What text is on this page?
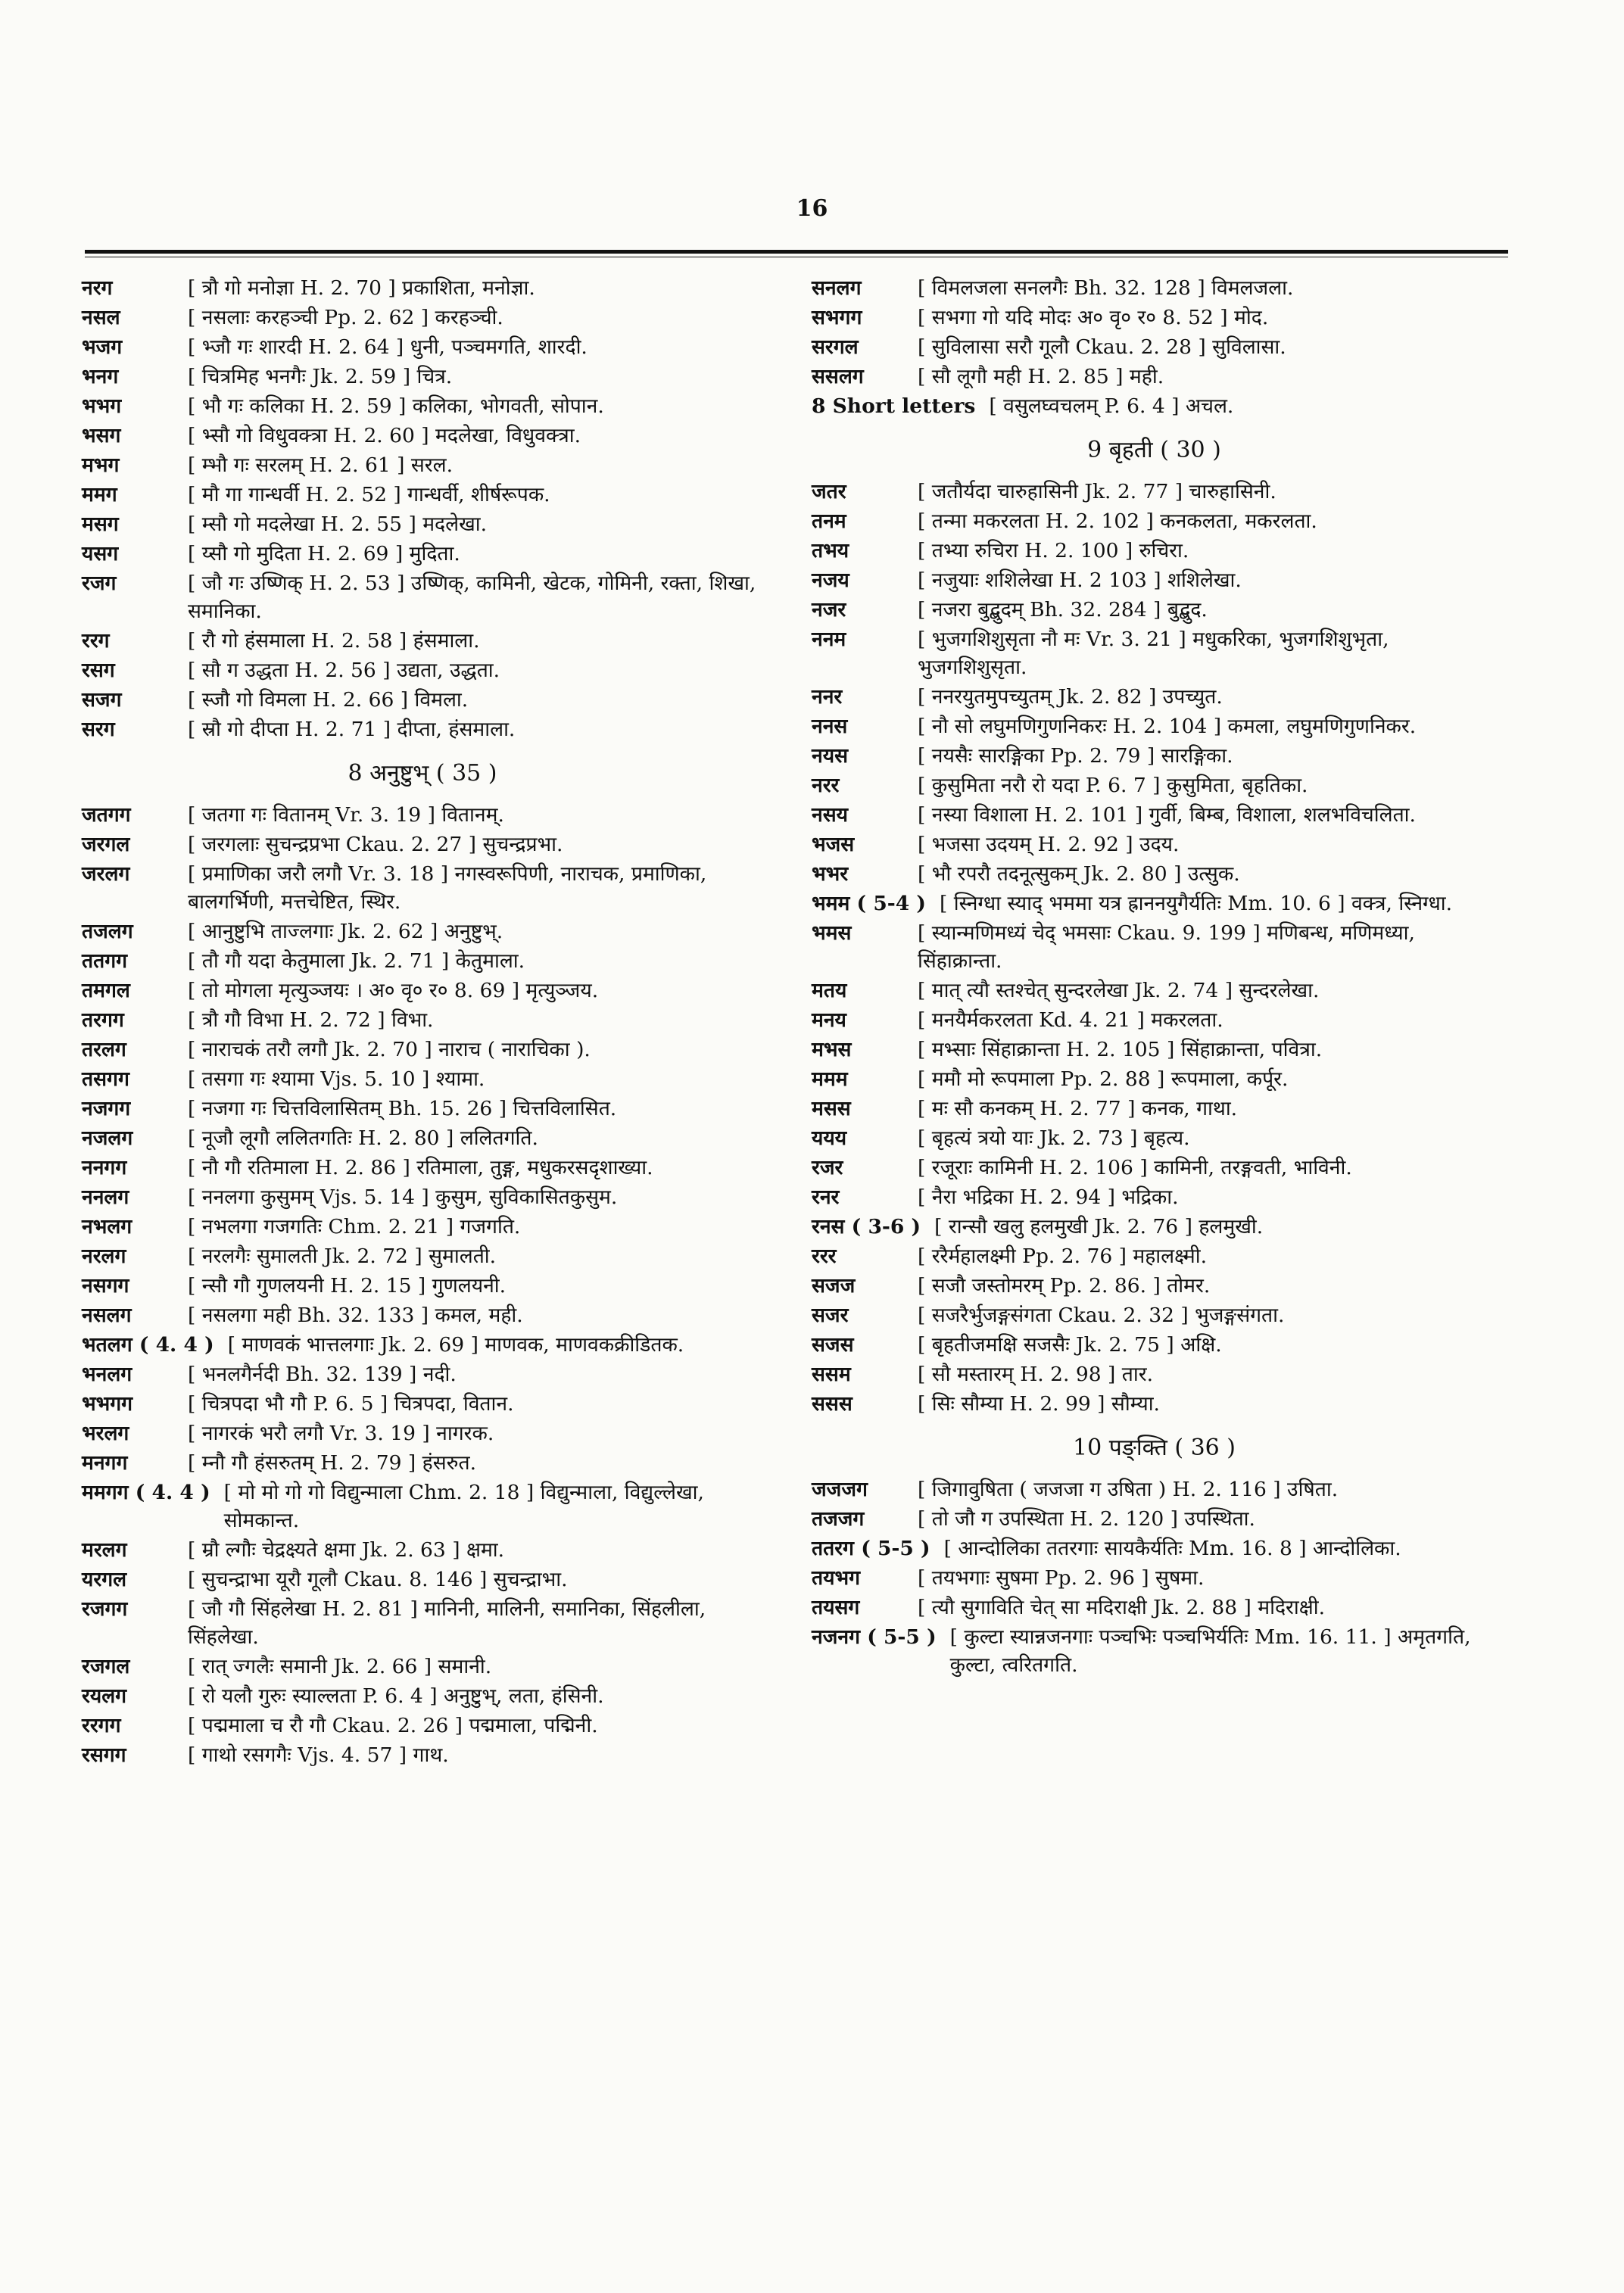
16
नरग	[ त्रौ गो मनोज्ञा H. 2. 70 ] प्रकाशिता, मनोज्ञा.
नसल	[ नसलाः करहञ्ची Pp. 2. 62 ] करहञ्ची.
भजग	[ भ्जौ गः शारदी H. 2. 64 ] धुनी, पञ्चमगति, शारदी.
भनग	[ चित्रमिह भनगैः Jk. 2. 59 ] चित्र.
भभग	[ भौ गः कलिका H. 2. 59 ] कलिका, भोगवती, सोपान.
भसग	[ भ्सौ गो विधुवक्त्रा H. 2. 60 ] मदलेखा, विधुवक्त्रा.
मभग	[ म्भौ गः सरलम् H. 2. 61 ] सरल.
ममग	[ मौ गा गान्धर्वी H. 2. 52 ] गान्धर्वी, शीर्षरूपक.
मसग	[ म्सौ गो मदलेखा H. 2. 55 ] मदलेखा.
यसग	[ य्सौ गो मुदिता H. 2. 69 ] मुदिता.
रजग	[ जौ गः उष्णिक् H. 2. 53 ] उष्णिक्, कामिनी, खेटक, गोमिनी, रक्ता, शिखा, समानिका.
ररग	[ रौ गो हंसमाला H. 2. 58 ] हंसमाला.
रसग	[ सौ ग उद्धता H. 2. 56 ] उद्यता, उद्धता.
सजग	[ स्जौ गो विमला H. 2. 66 ] विमला.
सरग	[ स्रौ गो दीप्ता H. 2. 71 ] दीप्ता, हंसमाला.
8 अनुष्टुभ् ( 35 )
जतगग	[ जतगा गः वितानम् Vr. 3. 19 ] वितानम्.
जरगल	[ जरगलाः सुचन्द्रप्रभा Ckau. 2. 27 ] सुचन्द्रप्रभा.
जरलग	[ प्रमाणिका जरौ लगौ Vr. 3. 18 ] नगस्वरूपिणी, नाराचक, प्रमाणिका, बालगर्भिणी, मत्तचेष्टित, स्थिर.
तजलग	[ आनुष्टुभि ताज्लगाः Jk. 2. 62 ] अनुष्टुभ्.
ततगग	[ तौ गौ यदा केतुमाला Jk. 2. 71 ] केतुमाला.
तमगल	[ तो मोगला मृत्युञ्जयः । अ० वृ० र० 8. 69 ] मृत्युञ्जय.
तरगग	[ त्रौ गौ विभा H. 2. 72 ] विभा.
तरलग	[ नाराचकं तरौ लगौ Jk. 2. 70 ] नाराच ( नाराचिका ).
तसगग	[ तसगा गः श्यामा Vjs. 5. 10 ] श्यामा.
नजगग	[ नजगा गः चित्तविलासितम् Bh. 15. 26 ] चित्तविलासित.
नजलग	[ नूजौ लूगौ ललितगतिः H. 2. 80 ] ललितगति.
ननगग	[ नौ गौ रतिमाला H. 2. 86 ] रतिमाला, तुङ्ग, मधुकरसदृशाख्या.
ननलग	[ ननलगा कुसुमम् Vjs. 5. 14 ] कुसुम, सुविकासितकुसुम.
नभलग	[ नभलगा गजगतिः Chm. 2. 21 ] गजगति.
नरलग	[ नरलगैः सुमालती Jk. 2. 72 ] सुमालती.
नसगग	[ न्सौ गौ गुणलयनी H. 2. 15 ] गुणलयनी.
नसलग	[ नसलगा मही Bh. 32. 133 ] कमल, मही.
भतलग ( 4. 4 ) [ माणवकं भात्तलगाः Jk. 2. 69 ] माणवक, माणवकक्रीडितक.
भनलग	[ भनलगैर्नदी Bh. 32. 139 ] नदी.
भभगग	[ चित्रपदा भौ गौ P. 6. 5 ] चित्रपदा, वितान.
भरलग	[ नागरकं भरौ लगौ Vr. 3. 19 ] नागरक.
मनगग	[ म्नौ गौ हंसरुतम् H. 2. 79 ] हंसरुत.
ममगग ( 4. 4 ) [ मो मो गो गो विद्युन्माला Chm. 2. 18 ] विद्युन्माला, विद्युल्लेखा, सोमकान्त.
मरलग	[ म्रौ ल्गौः चेद्रक्ष्यते क्षमा Jk. 2. 63 ] क्षमा.
यरगल	[ सुचन्द्राभा यूरौ गूलौ Ckau. 8. 146 ] सुचन्द्राभा.
रजगग	[ जौ गौ सिंहलेखा H. 2. 81 ] मानिनी, मालिनी, समानिका, सिंहलीला, सिंहलेखा.
रजगल	[ रात् ज्गलैः समानी Jk. 2. 66 ] समानी.
रयलग	[ रो यलौ गुरुः स्याल्लता P. 6. 4 ] अनुष्टुभ्, लता, हंसिनी.
ररगग	[ पद्ममाला च रौ गौ Ckau. 2. 26 ] पद्ममाला, पद्मिनी.
रसगग	[ गाथो रसगगैः Vjs. 4. 57 ] गाथ.
सनलग	[ विमलजला सनलगैः Bh. 32. 128 ] विमलजला.
सभगग	[ सभगा गो यदि मोदः अ० वृ० र० 8. 52 ] मोद.
सरगल	[ सुविलासा सरौ गूलौ Ckau. 2. 28 ] सुविलासा.
ससलग	[ सौ लूगौ मही H. 2. 85 ] मही.
8 Short letters [ वसुलघ्वचलम् P. 6. 4 ] अचल.
9 बृहती ( 30 )
जतर	[ जतौर्यदा चारुहासिनी Jk. 2. 77 ] चारुहासिनी.
तनम	[ तन्मा मकरलता H. 2. 102 ] कनकलता, मकरलता.
तभय	[ तभ्या रुचिरा H. 2. 100 ] रुचिरा.
नजय	[ नजुयाः शशिलेखा H. 2 103 ] शशिलेखा.
नजर	[ नजरा बुद्बुदम् Bh. 32. 284 ] बुद्बुद.
ननम	[ भुजगशिशुसृता नौ मः Vr. 3. 21 ] मधुकरिका, भुजगशिशुभृता, भुजगशिशुसृता.
ननर	[ ननरयुतमुपच्युतम् Jk. 2. 82 ] उपच्युत.
ननस	[ नौ सो लघुमणिगुणनिकरः H. 2. 104 ] कमला, लघुमणिगुणनिकर.
नयस	[ नयसैः सारङ्गिका Pp. 2. 79 ] सारङ्गिका.
नरर	[ कुसुमिता नरौ रो यदा P. 6. 7 ] कुसुमिता, बृहतिका.
नसय	[ नस्या विशाला H. 2. 101 ] गुर्वी, बिम्ब, विशाला, शलभविचलिता.
भजस	[ भजसा उदयम् H. 2. 92 ] उदय.
भभर	[ भौ रपरौ तदनूत्सुकम् Jk. 2. 80 ] उत्सुक.
भमम ( 5-4 ) [ स्निग्धा स्याद् भममा यत्र ह्राननयुगैर्यतिः Mm. 10. 6 ] वक्त्र, स्निग्धा.
भमस	[ स्यान्मणिमध्यं चेद् भमसाः Ckau. 9. 199 ] मणिबन्ध, मणिमध्या, सिंहाक्रान्ता.
मतय	[ मात् त्यौ स्तश्चेत् सुन्दरलेखा Jk. 2. 74 ] सुन्दरलेखा.
मनय	[ मनयैर्मकरलता Kd. 4. 21 ] मकरलता.
मभस	[ मभ्साः सिंहाक्रान्ता H. 2. 105 ] सिंहाक्रान्ता, पवित्रा.
ममम	[ ममौ मो रूपमाला Pp. 2. 88 ] रूपमाला, कर्पूर.
मसस	[ मः सौ कनकम् H. 2. 77 ] कनक, गाथा.
ययय	[ बृहत्यं त्रयो याः Jk. 2. 73 ] बृहत्य.
रजर	[ रजूराः कामिनी H. 2. 106 ] कामिनी, तरङ्गवती, भाविनी.
रनर	[ नैरा भद्रिका H. 2. 94 ] भद्रिका.
रनस ( 3-6 ) [ रान्सौ खलु हलमुखी Jk. 2. 76 ] हलमुखी.
ररर	[ ररैर्महालक्ष्मी Pp. 2. 76 ] महालक्ष्मी.
सजज	[ सजौ जस्तोमरम् Pp. 2. 86. ] तोमर.
सजर	[ सजरैर्भुजङ्गसंगता Ckau. 2. 32 ] भुजङ्गसंगता.
सजस	[ बृहतीजमक्षि सजसैः Jk. 2. 75 ] अक्षि.
ससम	[ सौ मस्तारम् H. 2. 98 ] तार.
ससस	[ सिः सौम्या H. 2. 99 ] सौम्या.
10 पङ्क्ति ( 36 )
जजजग	[ जिगावुषिता ( जजजा ग उषिता ) H. 2. 116 ] उषिता.
तजजग	[ तो जौ ग उपस्थिता H. 2. 120 ] उपस्थिता.
ततरग ( 5-5 ) [ आन्दोलिका ततरगाः सायकैर्यतिः Mm. 16. 8 ] आन्दोलिका.
तयभग	[ तयभगाः सुषमा Pp. 2. 96 ] सुषमा.
तयसग	[ त्यौ सुगाविति चेत् सा मदिराक्षी Jk. 2. 88 ] मदिराक्षी.
नजनग ( 5-5 ) [ कुल्टा स्यान्नजनगाः पञ्चभिः पञ्चभिर्यतिः Mm. 16. 11. ] अमृतगति, कुल्टा, त्वरितगति.
